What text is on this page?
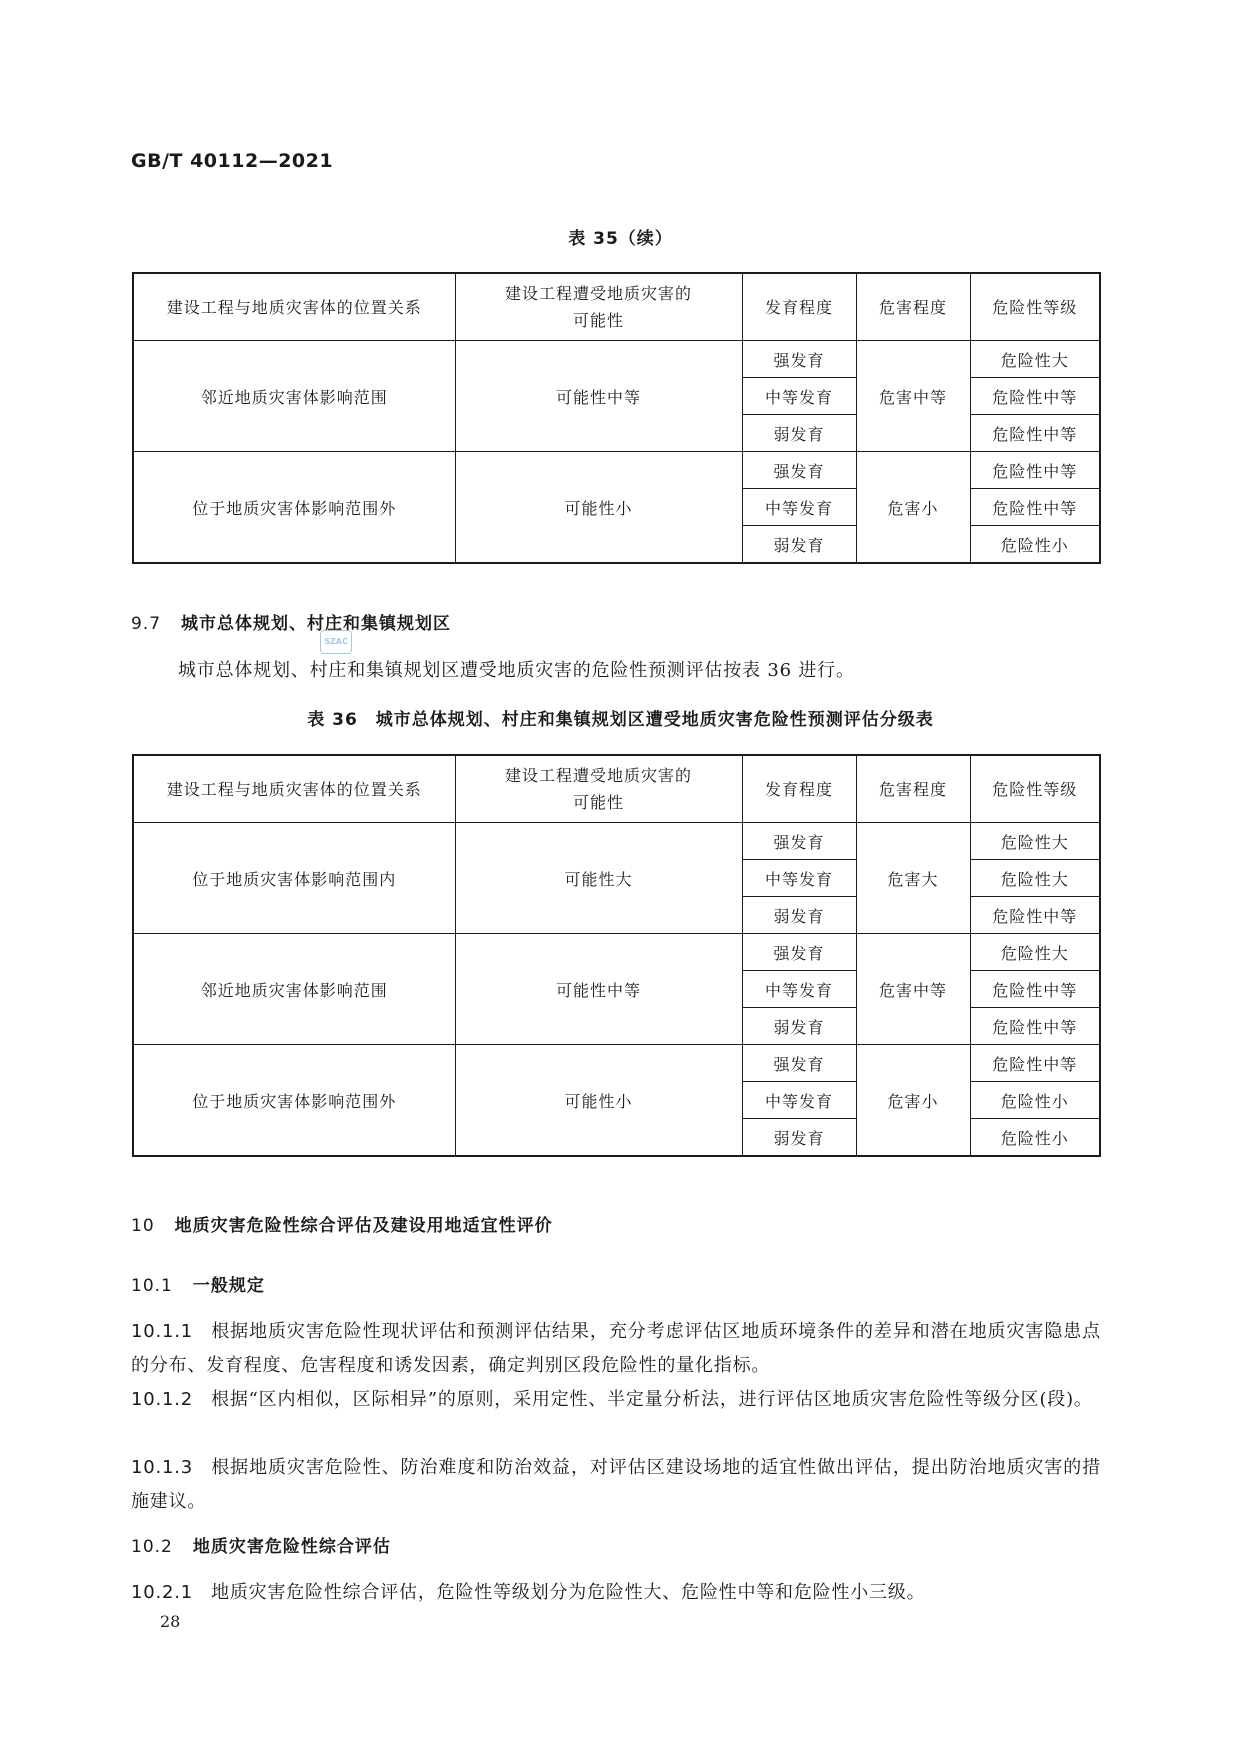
GB/T 40112—2021
表 35（续）
建设工程与地质灾害体的位置关系	建设工程遭受地质灾害的
可能性	发育程度	危害程度	危险性等级
邻近地质灾害体影响范围	可能性中等	强发育	危害中等	危险性大
		中等发育		危险性中等
		弱发育		危险性中等
位于地质灾害体影响范围外	可能性小	强发育	危害小	危险性中等
		中等发育		危险性中等
		弱发育		危险性小
9.7 城市总体规划、村庄和集镇规划区
SZAC
城市总体规划、村庄和集镇规划区遭受地质灾害的危险性预测评估按表 36 进行。
表 36　城市总体规划、村庄和集镇规划区遭受地质灾害危险性预测评估分级表
建设工程与地质灾害体的位置关系	建设工程遭受地质灾害的
可能性	发育程度	危害程度	危险性等级
位于地质灾害体影响范围内	可能性大	强发育	危害大	危险性大
		中等发育		危险性大
		弱发育		危险性中等
邻近地质灾害体影响范围	可能性中等	强发育	危害中等	危险性大
		中等发育		危险性中等
		弱发育		危险性中等
位于地质灾害体影响范围外	可能性小	强发育	危害小	危险性中等
		中等发育		危险性小
		弱发育		危险性小
10 地质灾害危险性综合评估及建设用地适宜性评价
10.1 一般规定
10.1.1 根据地质灾害危险性现状评估和预测评估结果，充分考虑评估区地质环境条件的差异和潜在地质灾害隐患点的分布、发育程度、危害程度和诱发因素，确定判别区段危险性的量化指标。
10.1.2 根据“区内相似，区际相异”的原则，采用定性、半定量分析法，进行评估区地质灾害危险性等级分区(段)。
10.1.3 根据地质灾害危险性、防治难度和防治效益，对评估区建设场地的适宜性做出评估，提出防治地质灾害的措施建议。
10.2 地质灾害危险性综合评估
10.2.1 地质灾害危险性综合评估，危险性等级划分为危险性大、危险性中等和危险性小三级。
28
